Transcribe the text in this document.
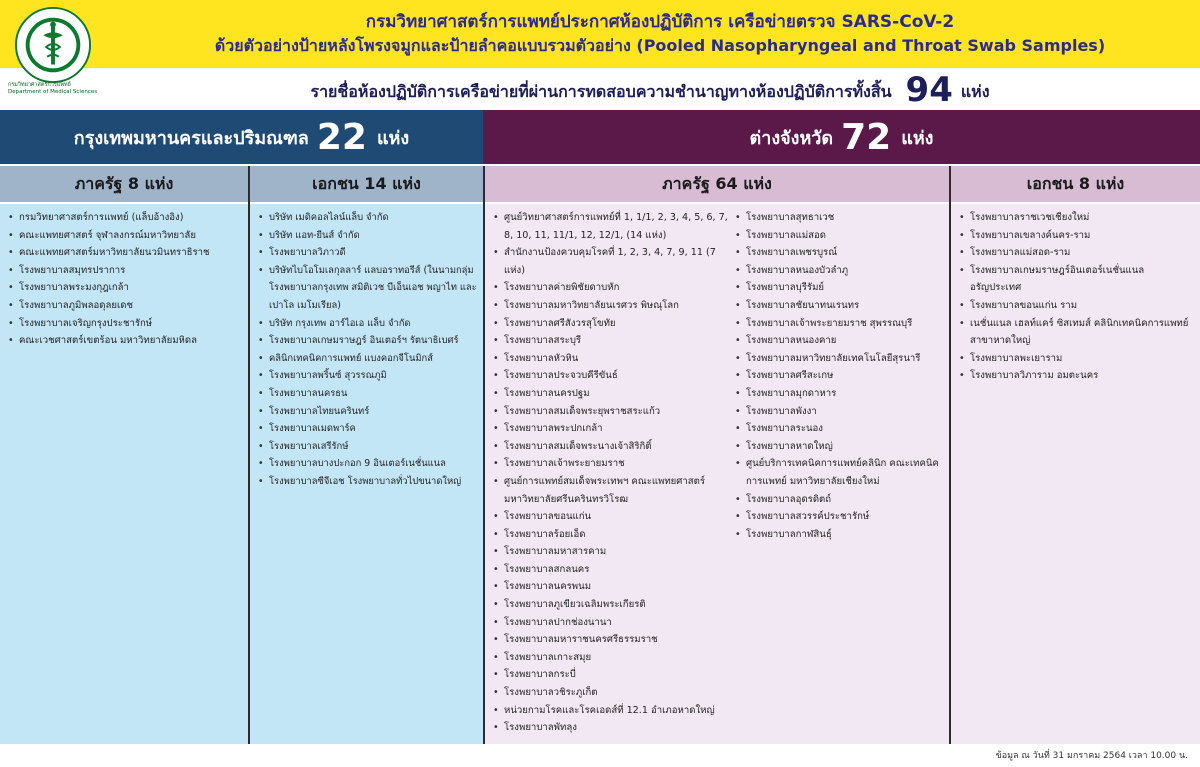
กรมวิทยาศาสตร์การแพทย์
Department of Medical Sciences
กรมวิทยาศาสตร์การแพทย์ประกาศห้องปฏิบัติการ เครือข่ายตรวจ SARS-CoV-2
ด้วยตัวอย่างป้ายหลังโพรงจมูกและป้ายลำคอแบบรวมตัวอย่าง (Pooled Nasopharyngeal and Throat Swab Samples)
รายชื่อห้องปฏิบัติการเครือข่ายที่ผ่านการทดสอบความชำนาญทางห้องปฏิบัติการทั้งสิ้น 94 แห่ง
กรุงเทพมหานครและปริมณฑล 22 แห่ง	ต่างจังหวัด 72 แห่ง
ภาครัฐ 8 แห่ง	เอกชน 14 แห่ง	ภาครัฐ 64 แห่ง	เอกชน 8 แห่ง
• กรมวิทยาศาสตร์การแพทย์ (แล็บอ้างอิง)
• คณะแพทยศาสตร์ จุฬาลงกรณ์มหาวิทยาลัย
• คณะแพทยศาสตร์มหาวิทยาลัยนวมินทราธิราช
• โรงพยาบาลสมุทรปราการ
• โรงพยาบาลพระมงกุฎเกล้า
• โรงพยาบาลภูมิพลอดุลยเดช
• โรงพยาบาลเจริญกรุงประชารักษ์
• คณะเวชศาสตร์เขตร้อน มหาวิทยาลัยมหิดล
• บริษัท เมดิคอลไลน์แล็บ จำกัด
• บริษัท แอท-ยีนส์ จำกัด
• โรงพยาบาลวิภาวดี
• บริษัทไบโอโมเลกุลลาร์ แลบอราทอรีส์ (ในนามกลุ่มโรงพยาบาลกรุงเทพ สมิติเวช บีเอ็นเอช พญาไท และเปาโล เมโมเรียล)
• บริษัท กรุงเทพ อาร์ไอเอ แล็บ จำกัด
• โรงพยาบาลเกษมราษฎร์ อินเตอร์ฯ รัตนาธิเบศร์
• คลินิกเทคนิคการแพทย์ แบงคอกจีโนมิกส์
• โรงพยาบาลพริ้นซ์ สุวรรณภูมิ
• โรงพยาบาลนครธน
• โรงพยาบาลไทยนครินทร์
• โรงพยาบาลเมดพาร์ค
• โรงพยาบาลเสรีรักษ์
• โรงพยาบาลบางปะกอก 9 อินเตอร์เนชั่นแนล
• โรงพยาบาลซีจีเอช โรงพยาบาลทั่วไปขนาดใหญ่
• ศูนย์วิทยาศาสตร์การแพทย์ที่ 1, 1/1, 2, 3, 4, 5, 6, 7, 8, 10, 11, 11/1, 12, 12/1, (14 แห่ง)
• สำนักงานป้องควบคุมโรคที่ 1, 2, 3, 4, 7, 9, 11 (7 แห่ง)
• โรงพยาบาลค่ายพิชัยดาบหัก
• โรงพยาบาลมหาวิทยาลัยนเรศวร พิษณุโลก
• โรงพยาบาลศรีสังวรสุโขทัย
• โรงพยาบาลสระบุรี
• โรงพยาบาลหัวหิน
• โรงพยาบาลประจวบคีรีขันธ์
• โรงพยาบาลนครปฐม
• โรงพยาบาลสมเด็จพระยุพราชสระแก้ว
• โรงพยาบาลพระปกเกล้า
• โรงพยาบาลสมเด็จพระนางเจ้าสิริกิติ์
• โรงพยาบาลเจ้าพระยายมราช
• ศูนย์การแพทย์สมเด็จพระเทพฯ คณะแพทยศาสตร์ มหาวิทยาลัยศรีนครินทรวิโรฒ
• โรงพยาบาลขอนแก่น
• โรงพยาบาลร้อยเอ็ด
• โรงพยาบาลมหาสารคาม
• โรงพยาบาลสกลนคร
• โรงพยาบาลนครพนม
• โรงพยาบาลภูเขียวเฉลิมพระเกียรติ
• โรงพยาบาลปากช่องนานา
• โรงพยาบาลมหาราชนครศรีธรรมราช
• โรงพยาบาลเกาะสมุย
• โรงพยาบาลกระบี่
• โรงพยาบาลวชิระภูเก็ต
• หน่วยกามโรคและโรคเอดส์ที่ 12.1 อำเภอหาดใหญ่
• โรงพยาบาลพัทลุง
• โรงพยาบาลสุทธาเวช
• โรงพยาบาลแม่สอด
• โรงพยาบาลเพชรบูรณ์
• โรงพยาบาลหนองบัวลำภู
• โรงพยาบาลบุรีรัมย์
• โรงพยาบาลชัยนาทนเรนทร
• โรงพยาบาลเจ้าพระยายมราช สุพรรณบุรี
• โรงพยาบาลหนองคาย
• โรงพยาบาลมหาวิทยาลัยเทคโนโลยีสุรนารี
• โรงพยาบาลศรีสะเกษ
• โรงพยาบาลมุกดาหาร
• โรงพยาบาลพังงา
• โรงพยาบาลระนอง
• โรงพยาบาลหาดใหญ่
• ศูนย์บริการเทคนิคการแพทย์คลินิก คณะเทคนิคการแพทย์ มหาวิทยาลัยเชียงใหม่
• โรงพยาบาลอุดรดิตถ์
• โรงพยาบาลสวรรค์ประชารักษ์
• โรงพยาบาลกาฬสินธุ์
• โรงพยาบาลราชเวชเชียงใหม่
• โรงพยาบาลเขลางค์นคร-ราม
• โรงพยาบาลแม่สอด-ราม
• โรงพยาบาลเกษมราษฎร์อินเตอร์เนชั่นแนล อรัญประเทศ
• โรงพยาบาลขอนแก่น ราม
• เนชั่นแนล เฮลท์แคร์ ซิสเทมส์ คลินิกเทคนิคการแพทย์ สาขาหาดใหญ่
• โรงพยาบาลพะเยาราม
• โรงพยาบาลวิภาราม อมตะนคร
ข้อมูล ณ วันที่ 31 มกราคม 2564 เวลา 10.00 น.
